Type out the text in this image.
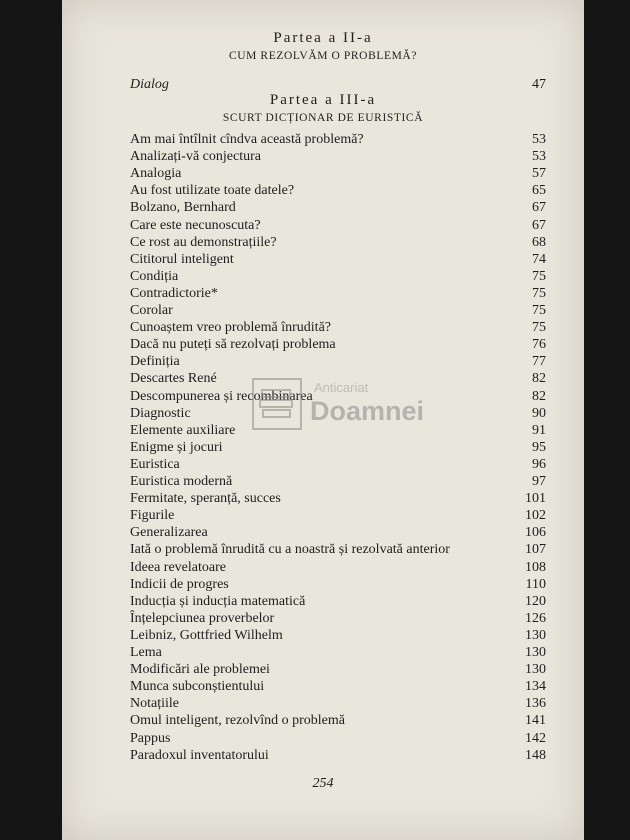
Partea a II-a
CUM REZOLVĂM O PROBLEMĂ?
Dialog	47
Partea a III-a
SCURT DICȚIONAR DE EURISTICĂ
Am mai întîlnit cîndva această problemă?	53
Analizați-vă conjectura	53
Analogia	57
Au fost utilizate toate datele?	65
Bolzano, Bernhard	67
Care este necunoscuta?	67
Ce rost au demonstrațiile?	68
Cititorul inteligent	74
Condiția	75
Contradictorie*	75
Corolar	75
Cunoaștem vreo problemă înrudită?	75
Dacă nu puteți să rezolvați problema	76
Definiția	77
Descartes René	82
Descompunerea și recombinarea	82
Diagnostic	90
Elemente auxiliare	91
Enigme și jocuri	95
Euristica	96
Euristica modernă	97
Fermitate, speranță, succes	101
Figurile	102
Generalizarea	106
Iată o problemă înrudită cu a noastră și rezolvată anterior	107
Ideea revelatoare	108
Indicii de progres	110
Inducția și inducția matematică	120
Înțelepciunea proverbelor	126
Leibniz, Gottfried Wilhelm	130
Lema	130
Modificări ale problemei	130
Munca subconștientului	134
Notațiile	136
Omul inteligent, rezolvînd o problemă	141
Pappus	142
Paradoxul inventatorului	148
Anticariat
Doamnei
254
